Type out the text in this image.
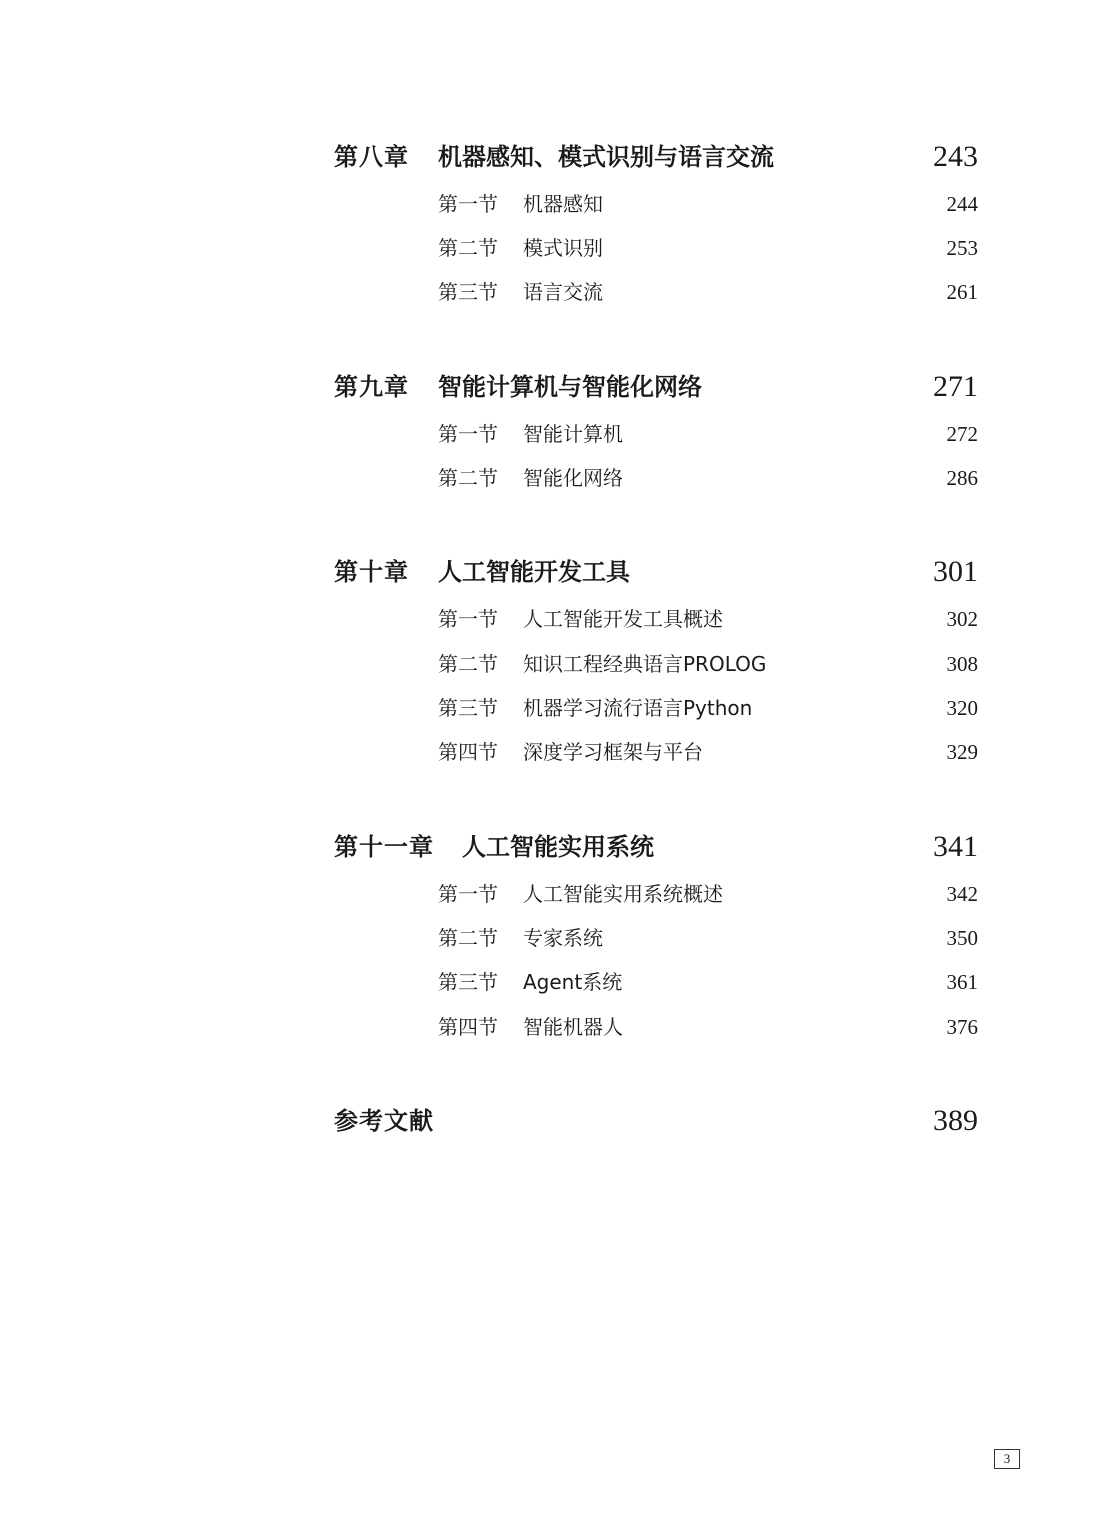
第八章 机器感知、模式识别与语言交流	243
第一节 机器感知	244
第二节 模式识别	253
第三节 语言交流	261
第九章 智能计算机与智能化网络	271
第一节 智能计算机	272
第二节 智能化网络	286
第十章 人工智能开发工具	301
第一节 人工智能开发工具概述	302
第二节 知识工程经典语言PROLOG	308
第三节 机器学习流行语言Python	320
第四节 深度学习框架与平台	329
第十一章 人工智能实用系统	341
第一节 人工智能实用系统概述	342
第二节 专家系统	350
第三节 Agent系统	361
第四节 智能机器人	376
参考文献	389
3
